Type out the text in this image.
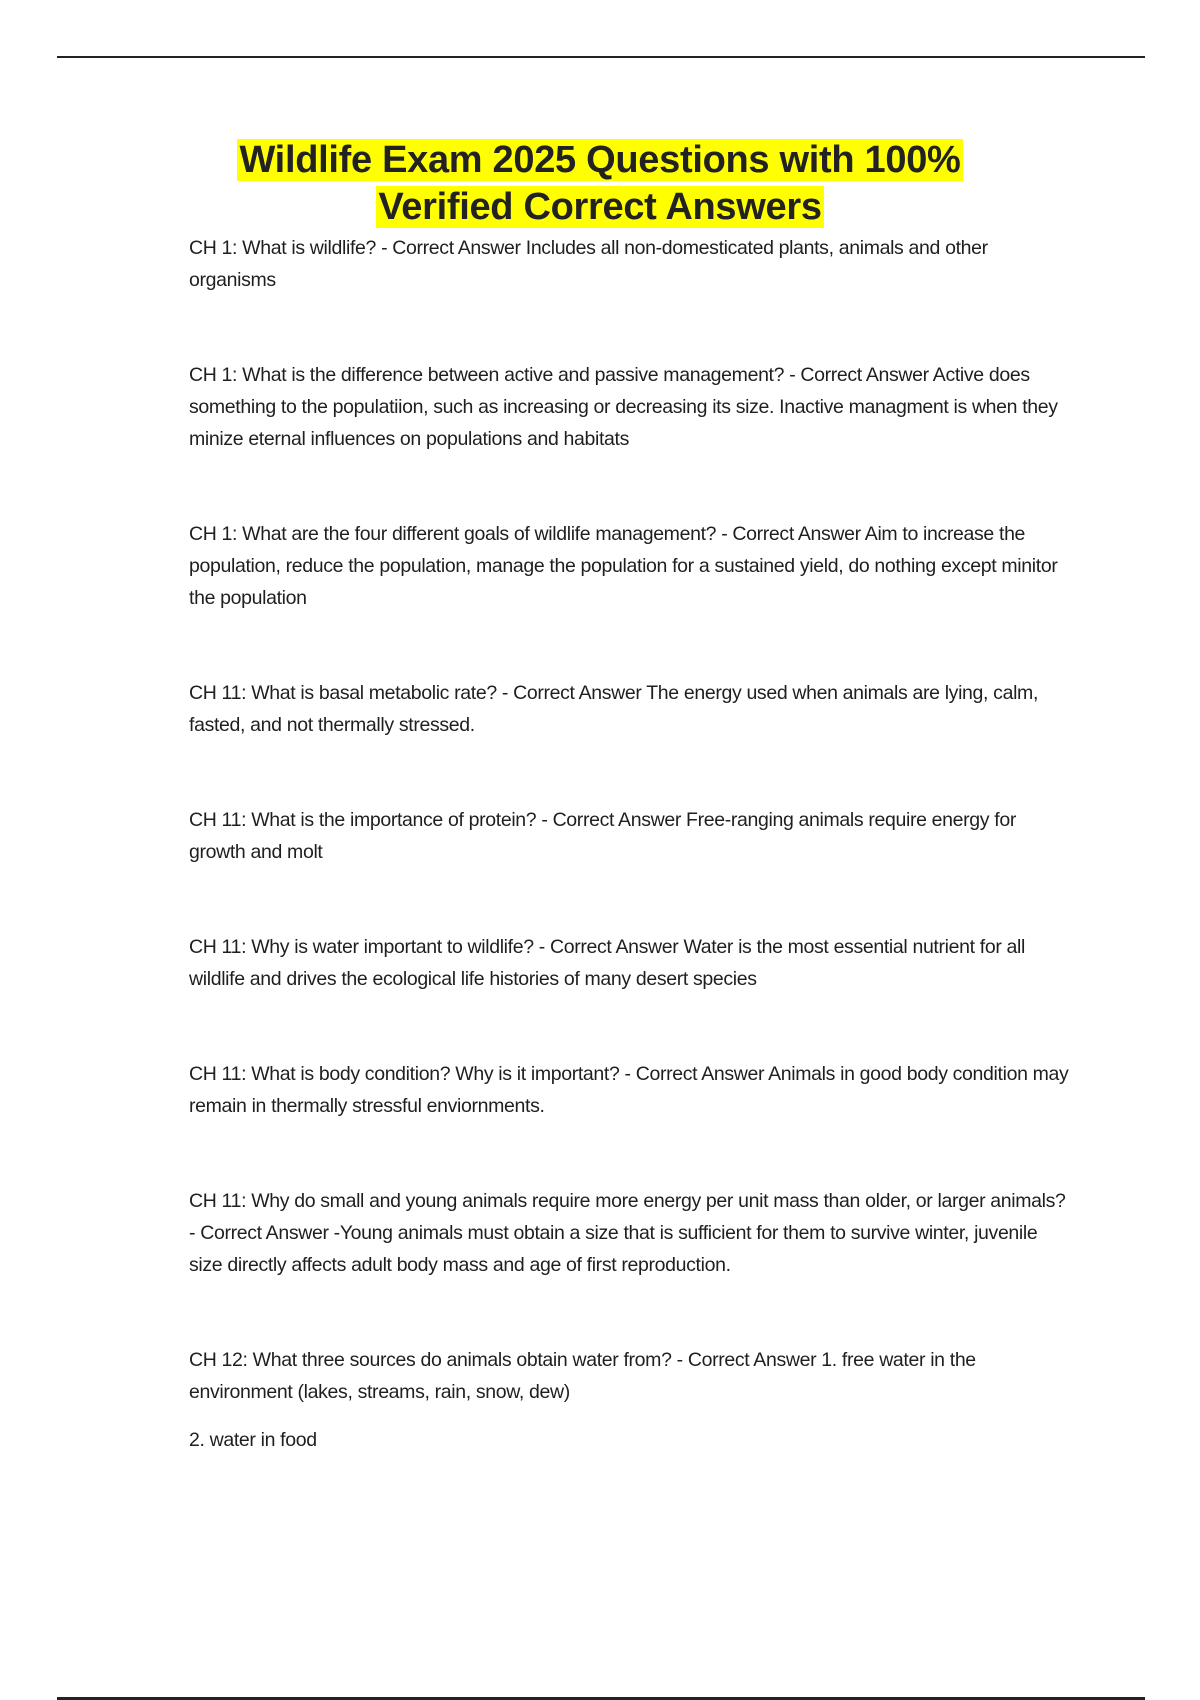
Wildlife Exam 2025 Questions with 100%
Verified Correct Answers

CH 1: What is wildlife? - Correct Answer Includes all non-domesticated plants, animals and other organisms

CH 1: What is the difference between active and passive management? - Correct Answer Active does something to the populatiion, such as increasing or decreasing its size. Inactive managment is when they minize eternal influences on populations and habitats

CH 1: What are the four different goals of wildlife management? - Correct Answer Aim to increase the population, reduce the population, manage the population for a sustained yield, do nothing except minitor the population

CH 11: What is basal metabolic rate? - Correct Answer The energy used when animals are lying, calm, fasted, and not thermally stressed.

CH 11: What is the importance of protein? - Correct Answer Free-ranging animals require energy for growth and molt

CH 11: Why is water important to wildlife? - Correct Answer Water is the most essential nutrient for all wildlife and drives the ecological life histories of many desert species

CH 11: What is body condition? Why is it important? - Correct Answer Animals in good body condition may remain in thermally stressful enviornments.

CH 11: Why do small and young animals require more energy per unit mass than older, or larger animals? - Correct Answer -Young animals must obtain a size that is sufficient for them to survive winter, juvenile size directly affects adult body mass and age of first reproduction.

CH 12: What three sources do animals obtain water from? - Correct Answer 1. free water in the environment (lakes, streams, rain, snow, dew)

2. water in food
